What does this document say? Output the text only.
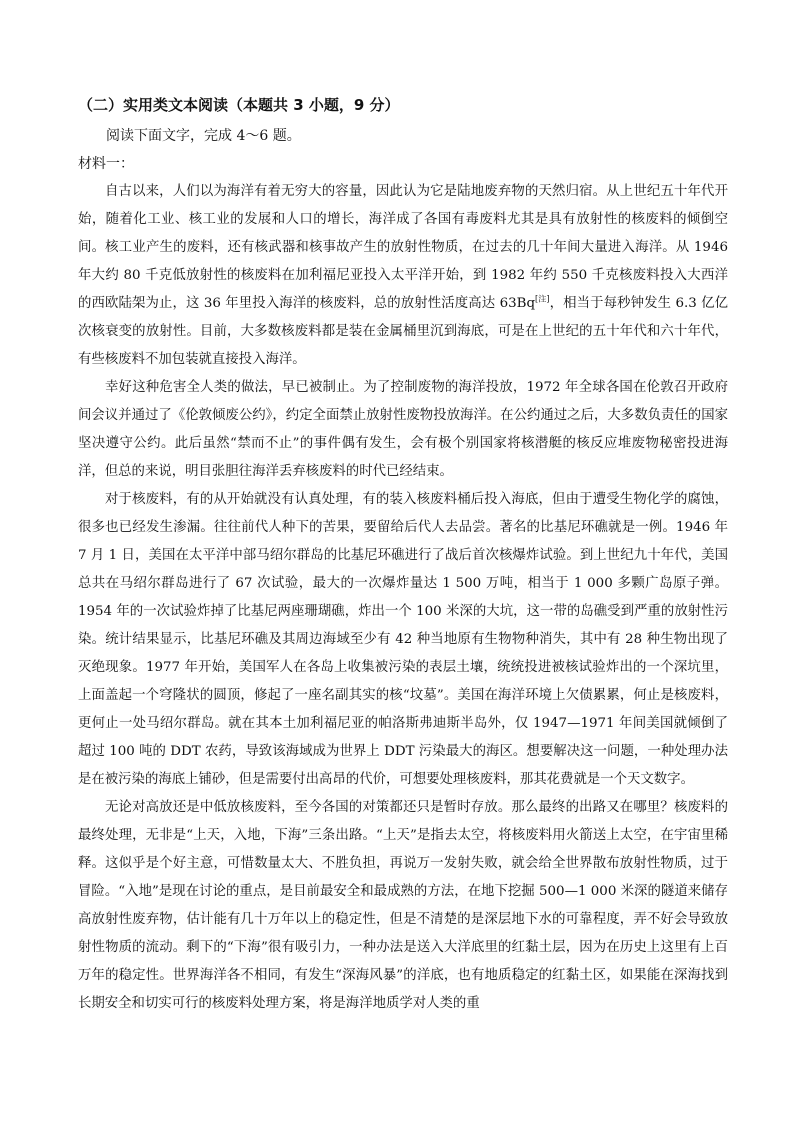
（二）实用类文本阅读（本题共 3 小题，9 分）

阅读下面文字，完成 4～6 题。

材料一：

自古以来，人们以为海洋有着无穷大的容量，因此认为它是陆地废弃物的天然归宿。从上世纪五十年代开始，随着化工业、核工业的发展和人口的增长，海洋成了各国有毒废料尤其是具有放射性的核废料的倾倒空间。核工业产生的废料，还有核武器和核事故产生的放射性物质，在过去的几十年间大量进入海洋。从 1946 年大约 80 千克低放射性的核废料在加利福尼亚投入太平洋开始，到 1982 年约 550 千克核废料投入大西洋的西欧陆架为止，这 36 年里投入海洋的核废料，总的放射性活度高达 63Bq[注]，相当于每秒钟发生 6.3 亿亿次核衰变的放射性。目前，大多数核废料都是装在金属桶里沉到海底，可是在上世纪的五十年代和六十年代，有些核废料不加包装就直接投入海洋。

幸好这种危害全人类的做法，早已被制止。为了控制废物的海洋投放，1972 年全球各国在伦敦召开政府间会议并通过了《伦敦倾废公约》，约定全面禁止放射性废物投放海洋。在公约通过之后，大多数负责任的国家坚决遵守公约。此后虽然“禁而不止”的事件偶有发生，会有极个别国家将核潜艇的核反应堆废物秘密投进海洋，但总的来说，明目张胆往海洋丢弃核废料的时代已经结束。

对于核废料，有的从开始就没有认真处理，有的装入核废料桶后投入海底，但由于遭受生物化学的腐蚀，很多也已经发生渗漏。往往前代人种下的苦果，要留给后代人去品尝。著名的比基尼环礁就是一例。1946 年 7 月 1 日，美国在太平洋中部马绍尔群岛的比基尼环礁进行了战后首次核爆炸试验。到上世纪九十年代，美国总共在马绍尔群岛进行了 67 次试验，最大的一次爆炸量达 1 500 万吨，相当于 1 000 多颗广岛原子弹。1954 年的一次试验炸掉了比基尼两座珊瑚礁，炸出一个 100 米深的大坑，这一带的岛礁受到严重的放射性污染。统计结果显示，比基尼环礁及其周边海域至少有 42 种当地原有生物物种消失，其中有 28 种生物出现了灭绝现象。1977 年开始，美国军人在各岛上收集被污染的表层土壤，统统投进被核试验炸出的一个深坑里，上面盖起一个穹隆状的圆顶，修起了一座名副其实的核“坟墓”。美国在海洋环境上欠债累累，何止是核废料，更何止一处马绍尔群岛。就在其本土加利福尼亚的帕洛斯弗迪斯半岛外，仅 1947—1971 年间美国就倾倒了超过 100 吨的 DDT 农药，导致该海域成为世界上 DDT 污染最大的海区。想要解决这一问题，一种处理办法是在被污染的海底上铺砂，但是需要付出高昂的代价，可想要处理核废料，那其花费就是一个天文数字。

无论对高放还是中低放核废料，至今各国的对策都还只是暂时存放。那么最终的出路又在哪里？核废料的最终处理，无非是“上天，入地，下海”三条出路。“上天”是指去太空，将核废料用火箭送上太空，在宇宙里稀释。这似乎是个好主意，可惜数量太大、不胜负担，再说万一发射失败，就会给全世界散布放射性物质，过于冒险。“入地”是现在讨论的重点，是目前最安全和最成熟的方法，在地下挖掘 500—1 000 米深的隧道来储存高放射性废弃物，估计能有几十万年以上的稳定性，但是不清楚的是深层地下水的可靠程度，弄不好会导致放射性物质的流动。剩下的“下海”很有吸引力，一种办法是送入大洋底里的红黏土层，因为在历史上这里有上百万年的稳定性。世界海洋各不相同，有发生“深海风暴”的洋底，也有地质稳定的红黏土区，如果能在深海找到长期安全和切实可行的核废料处理方案，将是海洋地质学对人类的重
